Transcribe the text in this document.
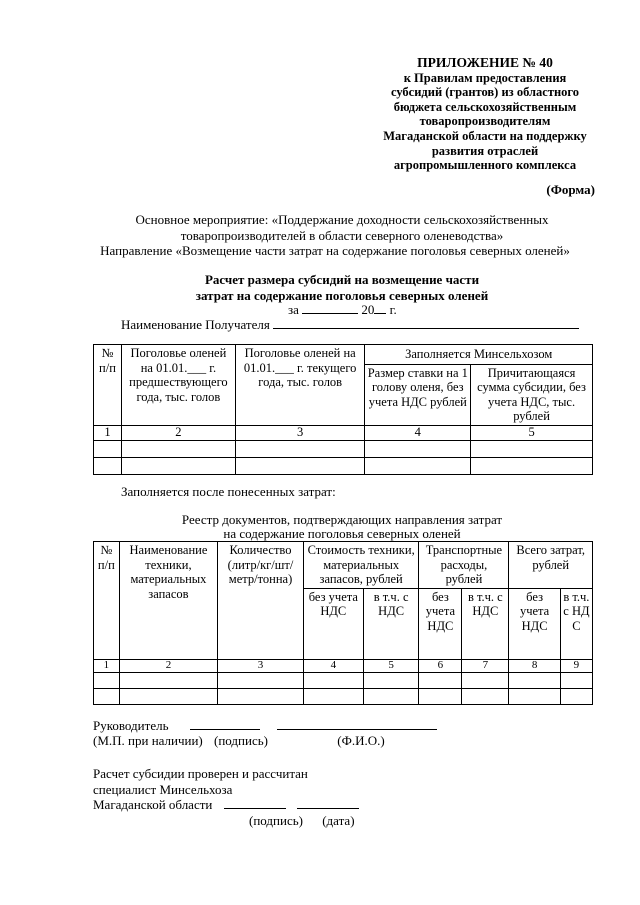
ПРИЛОЖЕНИЕ № 40
к Правилам предоставления
субсидий (грантов) из областного
бюджета сельскохозяйственным
товаропроизводителям
Магаданской области на поддержку
развития отраслей
агропромышленного комплекса
(Форма)
Основное мероприятие: «Поддержание доходности сельскохозяйственных
товаропроизводителей в области северного оленеводства»
Направление «Возмещение части затрат на содержание поголовья северных оленей»
Расчет размера субсидий на возмещение части
затрат на содержание поголовья северных оленей
за	20 г.
Наименование Получателя
№ п/п	Поголовье оленей на 01.01.___ г. предшествующего года, тыс. голов	Поголовье оленей на 01.01.___ г. текущего года, тыс. голов	Заполняется Минсельхозом	
			Размер ставки на 1 голову оленя, без учета НДС рублей	Причитающаяся сумма субсидии, без учета НДС, тыс. рублей
1	2	3	4	5

Заполняется после понесенных затрат:
Реестр документов, подтверждающих направления затрат
на содержание поголовья северных оленей
№ п/п	Наименование техники, материальных запасов	Количество (литр/кг/шт/ метр/тонна)	Стоимость техники, материальных запасов, рублей		Транспортные расходы, рублей		Всего затрат, рублей	
			без учета НДС	в т.ч. с НДС	без учета НДС	в т.ч. с НДС	без учета НДС	в т.ч. с НД С
1	2	3	4	5	6	7	8	9

Руководитель
(М.П. при наличии) (подпись)	(Ф.И.О.)
Расчет субсидии проверен и рассчитан
специалист Минсельхоза
Магаданской области
(подпись) (дата)
